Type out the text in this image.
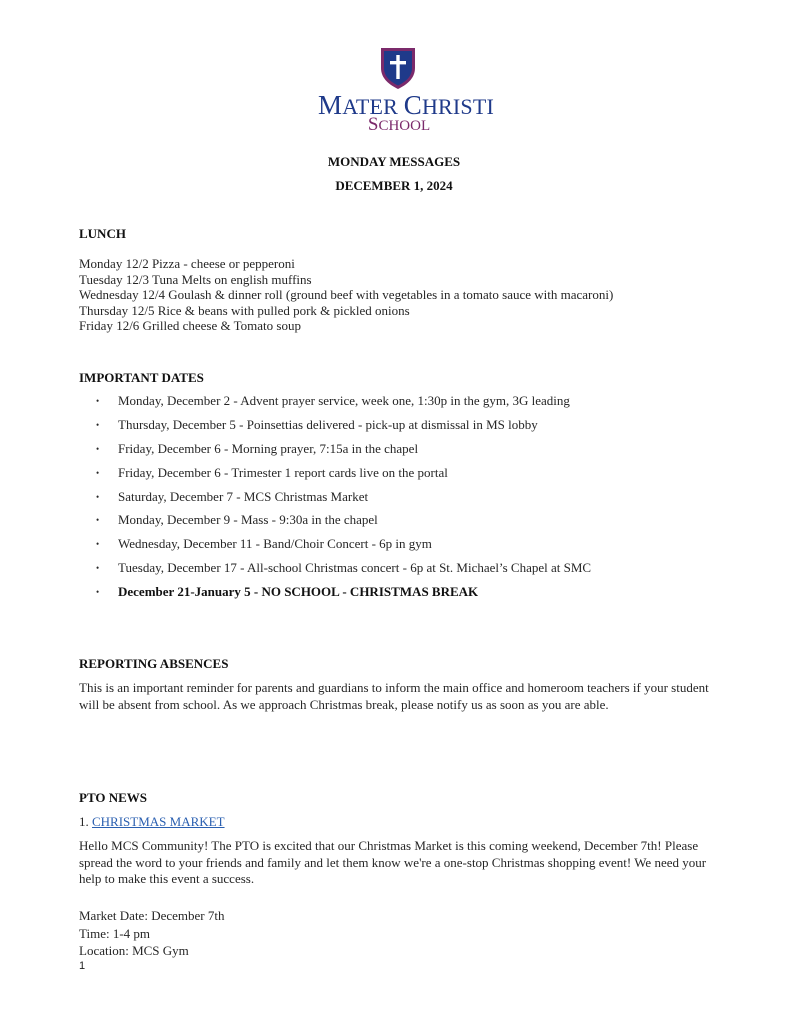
MATER CHRISTI
SCHOOL
MONDAY MESSAGES
DECEMBER 1, 2024
LUNCH
Monday 12/2 Pizza - cheese or pepperoni
Tuesday 12/3 Tuna Melts on english muffins
Wednesday 12/4 Goulash & dinner roll (ground beef with vegetables in a tomato sauce with macaroni)
Thursday 12/5 Rice & beans with pulled pork & pickled onions
Friday 12/6 Grilled cheese & Tomato soup
IMPORTANT DATES
• Monday, December 2 - Advent prayer service, week one, 1:30p in the gym, 3G leading
• Thursday, December 5 - Poinsettias delivered - pick-up at dismissal in MS lobby
• Friday, December 6 - Morning prayer, 7:15a in the chapel
• Friday, December 6 - Trimester 1 report cards live on the portal
• Saturday, December 7 - MCS Christmas Market
• Monday, December 9 - Mass - 9:30a in the chapel
• Wednesday, December 11 - Band/Choir Concert - 6p in gym
• Tuesday, December 17 - All-school Christmas concert - 6p at St. Michael’s Chapel at SMC
• December 21-January 5 - NO SCHOOL - CHRISTMAS BREAK
REPORTING ABSENCES
This is an important reminder for parents and guardians to inform the main office and homeroom teachers if your student will be absent from school. As we approach Christmas break, please notify us as soon as you are able.
PTO NEWS
1. CHRISTMAS MARKET
Hello MCS Community! The PTO is excited that our Christmas Market is this coming weekend, December 7th! Please spread the word to your friends and family and let them know we're a one-stop Christmas shopping event! We need your help to make this event a success.
Market Date: December 7th
Time: 1-4 pm
Location: MCS Gym
1
